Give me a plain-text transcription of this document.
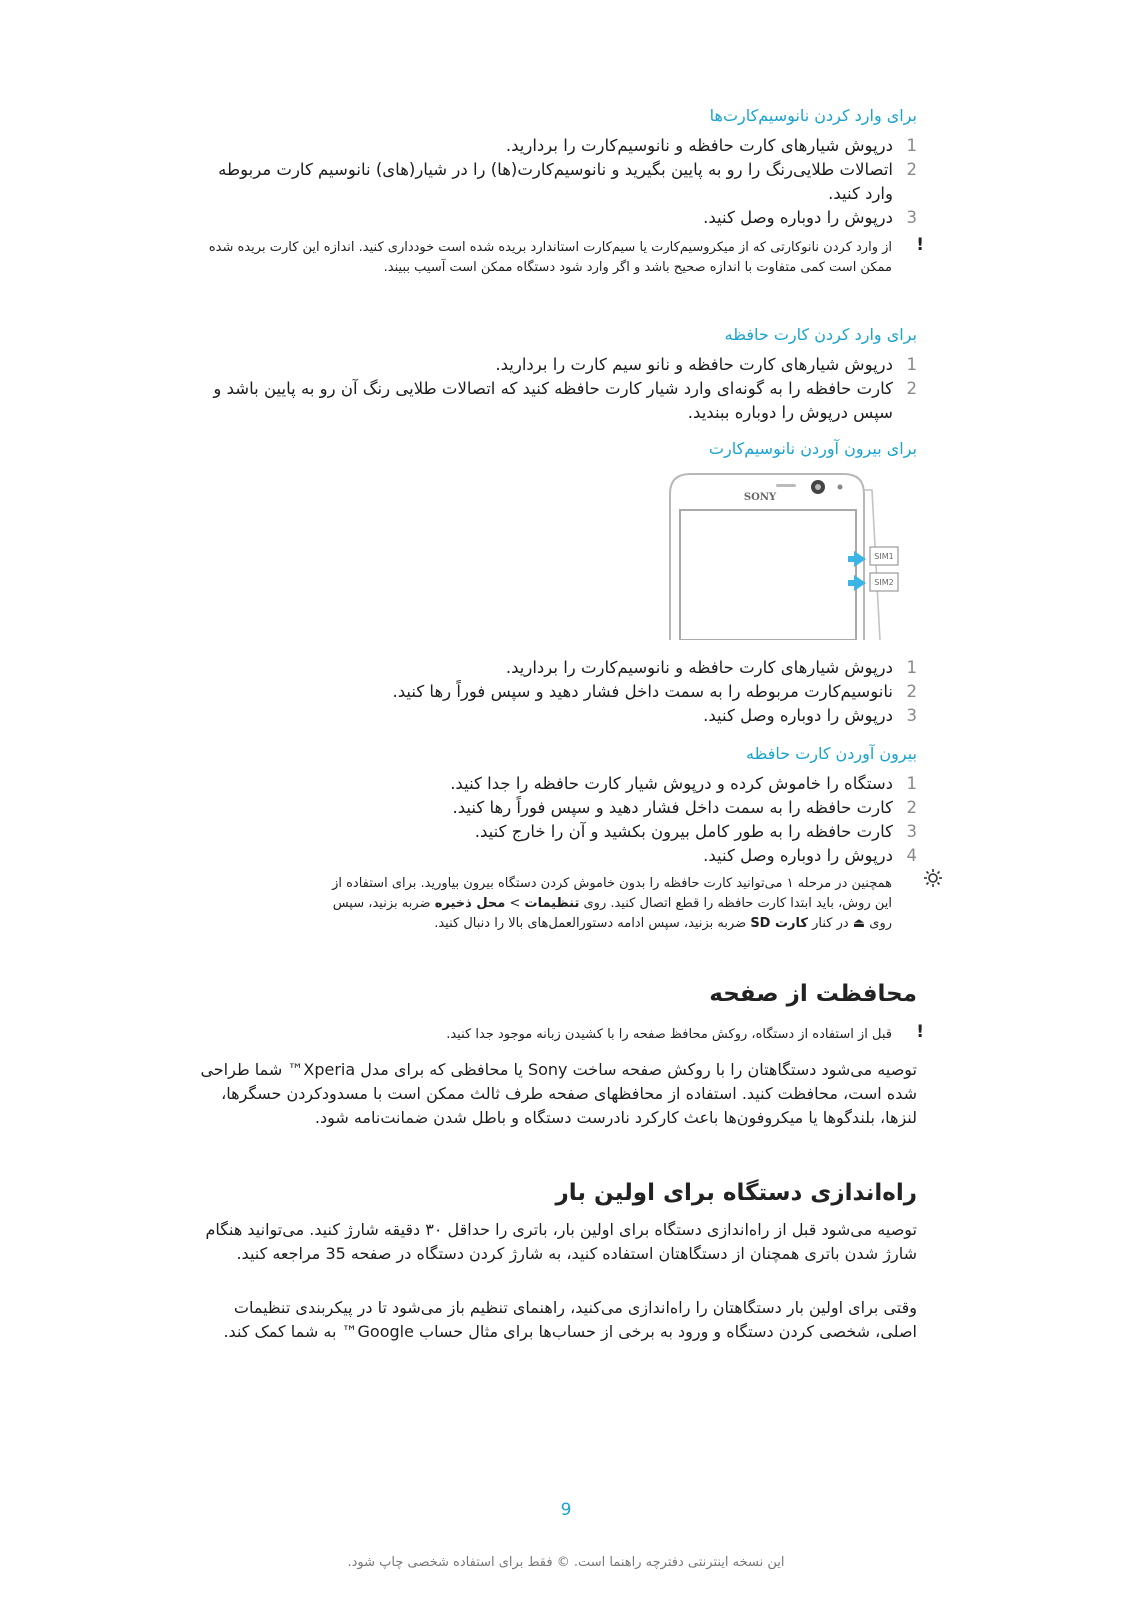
برای وارد کردن نانوسیم‌کارت‌ها
1
درپوش شیارهای کارت حافظه و نانوسیم‌کارت را بردارید.
2
اتصالات طلایی‌رنگ را رو به پایین بگیرید و نانوسیم‌کارت(ها) را در شیار(های) نانوسیم کارت مربوطه وارد کنید.
3
درپوش را دوباره وصل کنید.
!
از وارد کردن نانوکارتی که از میکروسیم‌کارت یا سیم‌کارت استاندارد بریده شده است خودداری کنید. اندازه این کارت بریده شده ممکن است کمی متفاوت با اندازه صحیح باشد و اگر وارد شود دستگاه ممکن است آسیب ببیند.
برای وارد کردن کارت حافظه
1
درپوش شیارهای کارت حافظه و نانو سیم کارت را بردارید.
2
کارت حافظه را به گونه‌ای وارد شیار کارت حافظه کنید که اتصالات طلایی رنگ آن رو به پایین باشد و سپس درپوش را دوباره ببندید.
برای بیرون آوردن نانوسیم‌کارت
SONY
SIM1
SIM2
1
درپوش شیارهای کارت حافظه و نانوسیم‌کارت را بردارید.
2
نانوسیم‌کارت مربوطه را به سمت داخل فشار دهید و سپس فوراً رها کنید.
3
درپوش را دوباره وصل کنید.
بیرون آوردن کارت حافظه
1
دستگاه را خاموش کرده و درپوش شیار کارت حافظه را جدا کنید.
2
کارت حافظه را به سمت داخل فشار دهید و سپس فوراً رها کنید.
3
کارت حافظه را به طور کامل بیرون بکشید و آن را خارج کنید.
4
درپوش را دوباره وصل کنید.
همچنین در مرحله ۱ می‌توانید کارت حافظه را بدون خاموش کردن دستگاه بیرون بیاورید. برای استفاده از
این روش، باید ابتدا کارت حافظه را قطع اتصال کنید. روی تنظیمات > محل ذخیره ضربه بزنید، سپس
روی ⏏ در کنار کارت SD ضربه بزنید، سپس ادامه دستورالعمل‌های بالا را دنبال کنید.
محافظت از صفحه
!
قبل از استفاده از دستگاه، روکش محافظ صفحه را با کشیدن زبانه موجود جدا کنید.
توصیه می‌شود دستگاهتان را با روکش صفحه ساخت Sony یا محافظی که برای مدل Xperia™ شما طراحی شده است، محافظت کنید. استفاده از محافظهای صفحه طرف ثالث ممکن است با مسدودکردن حسگرها، لنزها، بلندگوها یا میکروفون‌ها باعث کارکرد نادرست دستگاه و باطل شدن ضمانت‌نامه شود.
راه‌اندازی دستگاه برای اولین بار
توصیه می‌شود قبل از راه‌اندازی دستگاه برای اولین بار، باتری را حداقل ۳۰ دقیقه شارژ کنید. می‌توانید هنگام شارژ شدن باتری همچنان از دستگاهتان استفاده کنید، به شارژ کردن دستگاه در صفحه 35 مراجعه کنید.
وقتی برای اولین بار دستگاهتان را راه‌اندازی می‌کنید، راهنمای تنظیم باز می‌شود تا در پیکربندی تنظیمات اصلی، شخصی کردن دستگاه و ورود به برخی از حساب‌ها برای مثال حساب Google™ به شما کمک کند.
9
این نسخه اینترنتی دفترچه راهنما است. © فقط برای استفاده شخصی چاپ شود.
